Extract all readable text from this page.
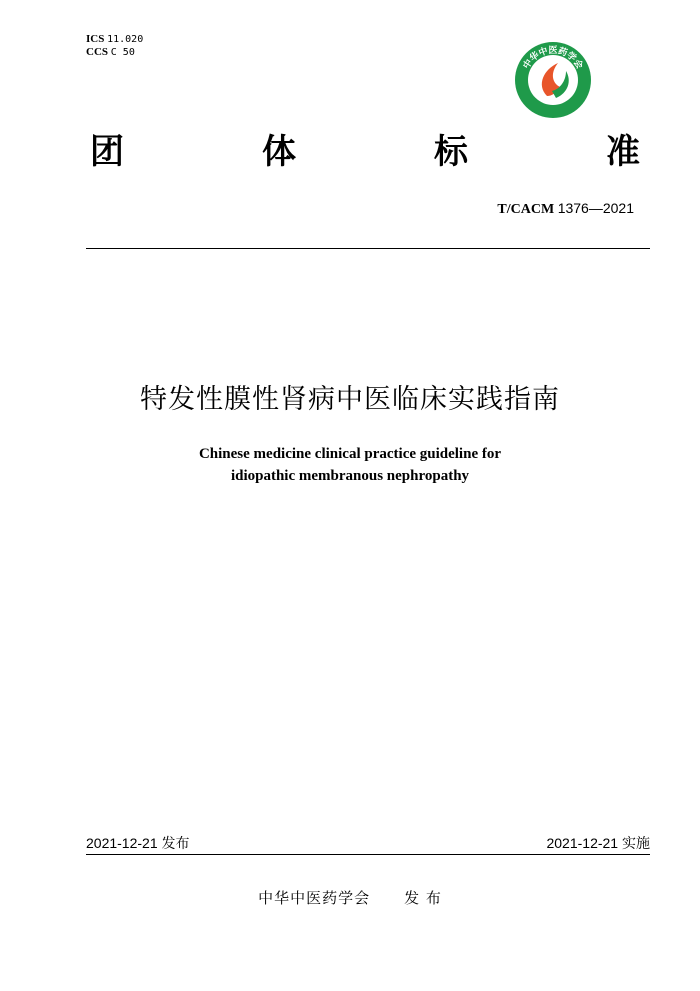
ICS 11.020
CCS C 50
中华中医药学会
团	体	标	准
T/CACM 1376—2021
特发性膜性肾病中医临床实践指南
Chinese medicine clinical practice guideline for
idiopathic membranous nephropathy
2021-12-21 发布	2021-12-21 实施
中华中医药学会 发 布
